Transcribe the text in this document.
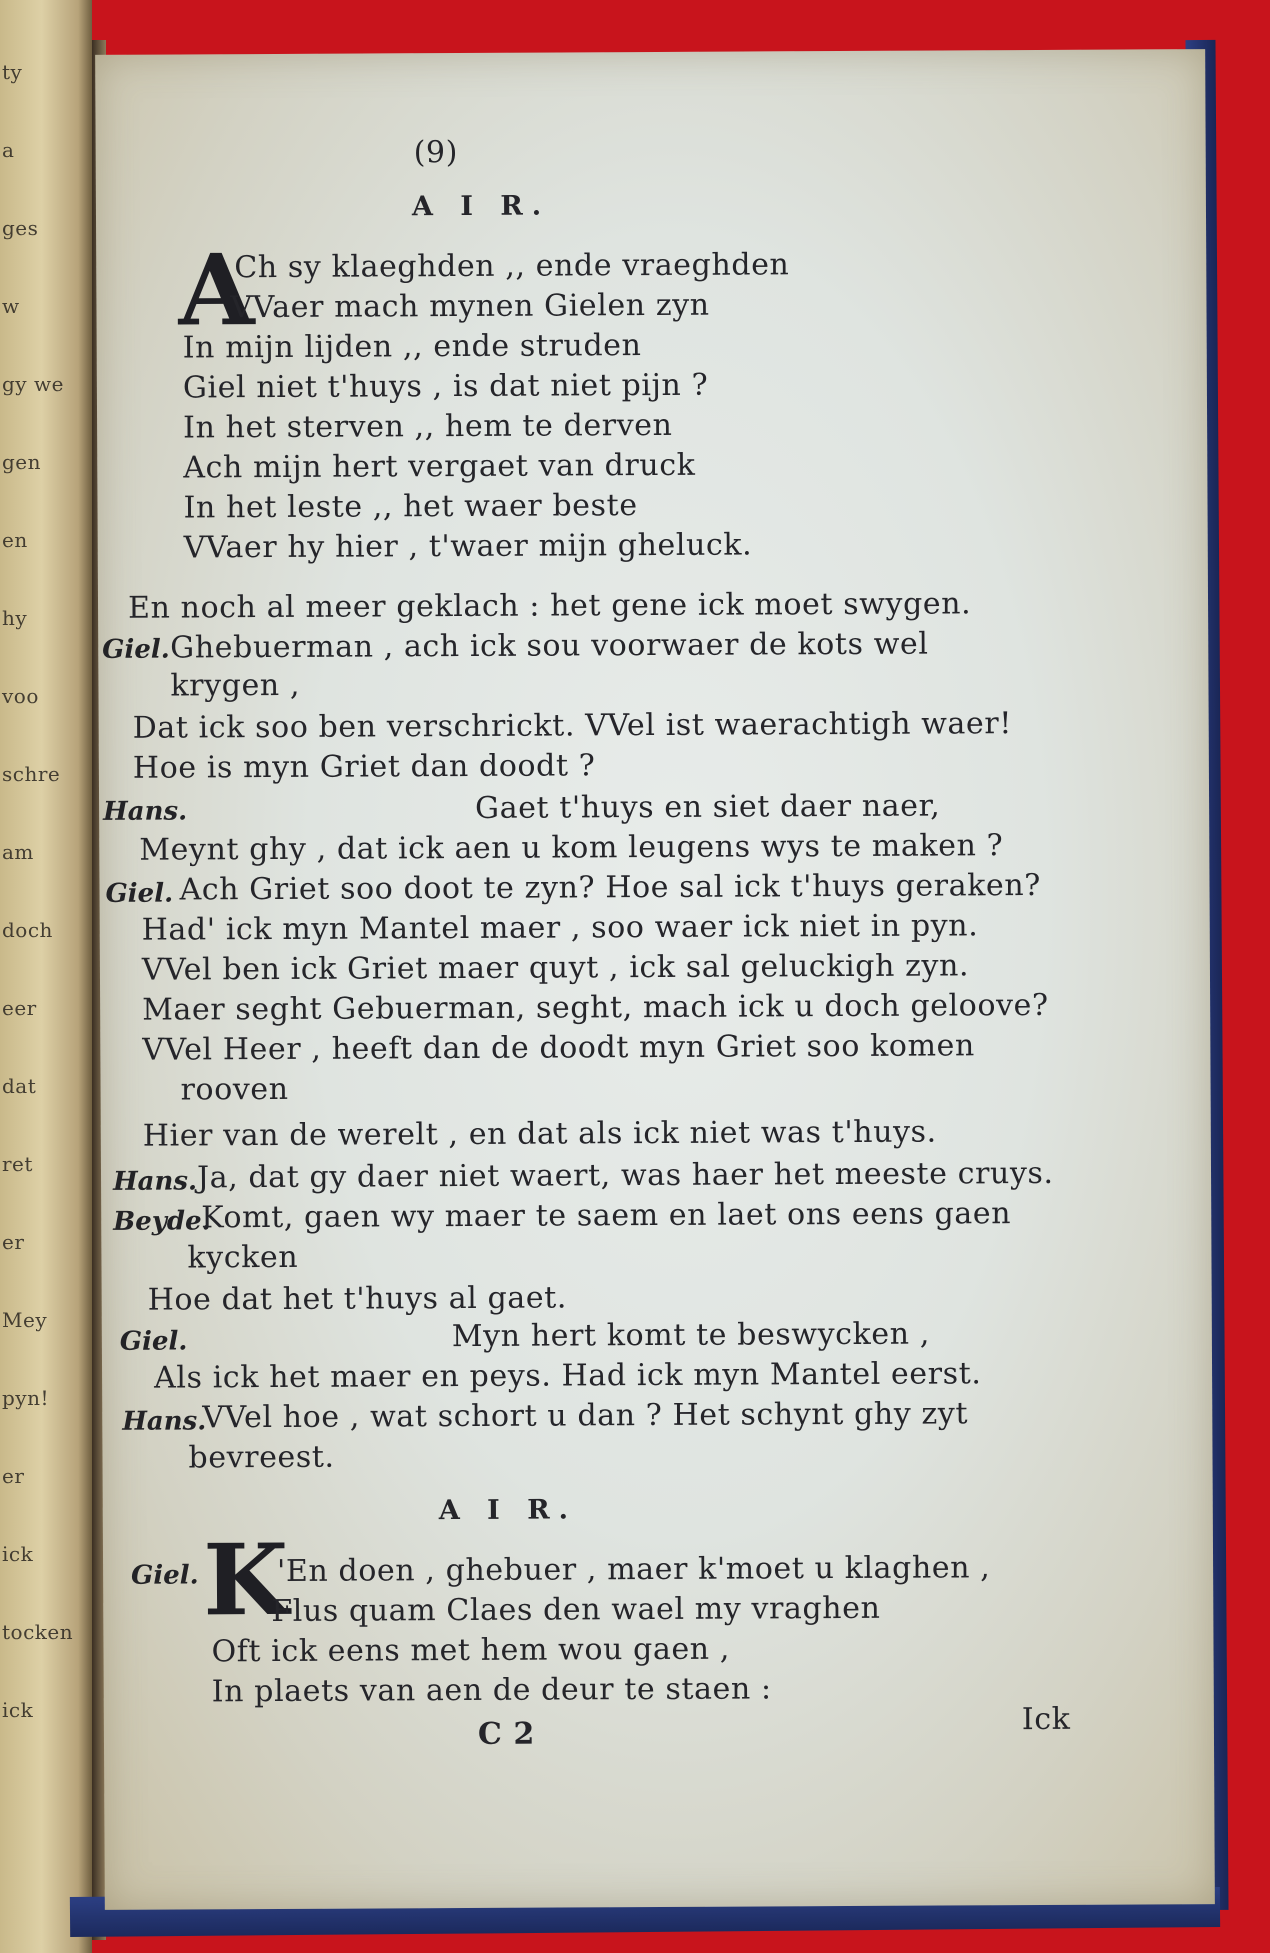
ty
a
ges
w
gy we
gen
en
hy
voo
schre
am
doch
eer
dat
ret
er
Mey
pyn!
er
ick
tocken
ick
(9)
A I R.
A
Ch sy klaeghden ,, ende vraeghden
VVaer mach mynen Gielen zyn
In mijn lijden ,, ende struden
Giel niet t'huys , is dat niet pijn ?
In het sterven ,, hem te derven
Ach mijn hert vergaet van druck
In het leste ,, het waer beste
VVaer hy hier , t'waer mijn gheluck.
En noch al meer geklach : het gene ick moet swygen.
Giel. Ghebuerman , ach ick sou voorwaer de kots wel
krygen ,
Dat ick soo ben verschrickt. VVel ist waerachtigh waer!
Hoe is myn Griet dan doodt ?
Hans.	Gaet t'huys en siet daer naer,
Meynt ghy , dat ick aen u kom leugens wys te maken ?
Giel. Ach Griet soo doot te zyn? Hoe sal ick t'huys geraken?
Had' ick myn Mantel maer , soo waer ick niet in pyn.
VVel ben ick Griet maer quyt , ick sal geluckigh zyn.
Maer seght Gebuerman, seght, mach ick u doch geloove?
VVel Heer , heeft dan de doodt myn Griet soo komen
rooven
Hier van de werelt , en dat als ick niet was t'huys.
Hans. Ja, dat gy daer niet waert, was haer het meeste cruys.
Beyde.
Komt, gaen wy maer te saem en laet ons eens gaen
kycken
Hoe dat het t'huys al gaet.
Giel.	Myn hert komt te beswycken ,
Als ick het maer en peys. Had ick myn Mantel eerst.
Hans.
VVel hoe , wat schort u dan ? Het schynt ghy zyt
bevreest.
A I R.
Giel. K
'En doen , ghebuer , maer k'moet u klaghen ,
Flus quam Claes den wael my vraghen
Oft ick eens met hem wou gaen ,
In plaets van aen de deur te staen :
C 2	Ick
